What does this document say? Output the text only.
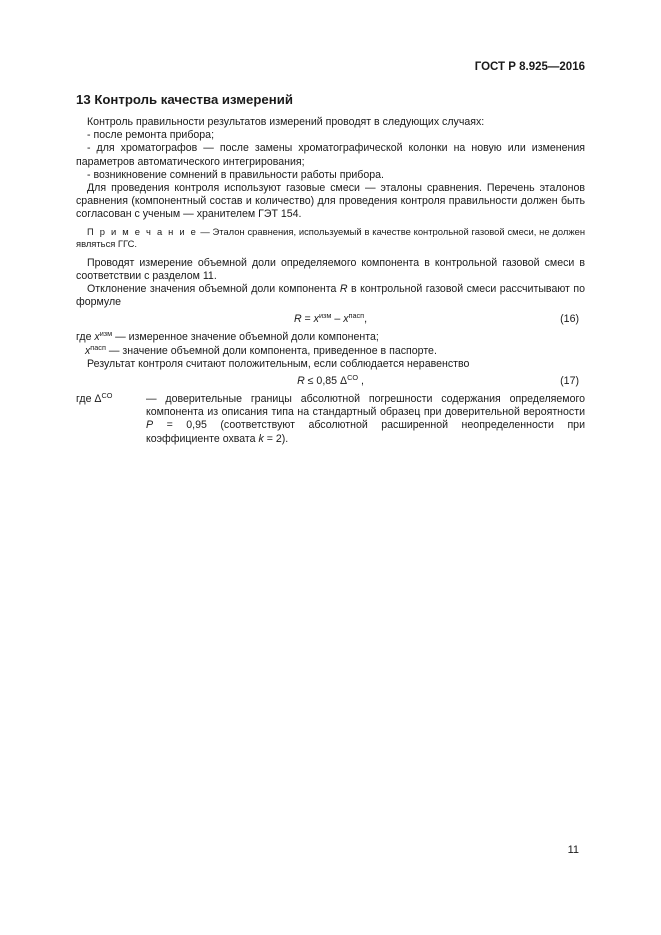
ГОСТ Р 8.925—2016
13 Контроль качества измерений

Контроль правильности результатов измерений проводят в следующих случаях:

- после ремонта прибора;

- для хроматографов — после замены хроматографической колонки на новую или изменения параметров автоматического интегрирования;

- возникновение сомнений в правильности работы прибора.

Для проведения контроля используют газовые смеси — эталоны сравнения. Перечень эталонов сравнения (компонентный состав и количество) для проведения контроля правильности должен быть согласован с ученым — хранителем ГЭТ 154.

П р и м е ч а н и е — Эталон сравнения, используемый в качестве контрольной газовой смеси, не должен являться ГГС.

Проводят измерение объемной доли определяемого компонента в контрольной газовой смеси в соответствии с разделом 11.

Отклонение значения объемной доли компонента R в контрольной газовой смеси рассчитывают по формуле

$R = x^{изм} - x^{пасп}$,	(16)

где $x^{изм}$ — измеренное значение объемной доли компонента;

$x^{пасп}$ — значение объемной доли компонента, приведенное в паспорте.

Результат контроля считают положительным, если соблюдается неравенство

R ≤ 0,85 $\Delta^{CO}$ ,	(17)

где $\Delta^{CO}$	— доверительные границы абсолютной погрешности содержания определяемого компонента из описания типа на стандартный образец при доверительной вероятности P = 0,95 (соответствуют абсолютной расширенной неопределенности при коэффициенте охвата k = 2).

11
